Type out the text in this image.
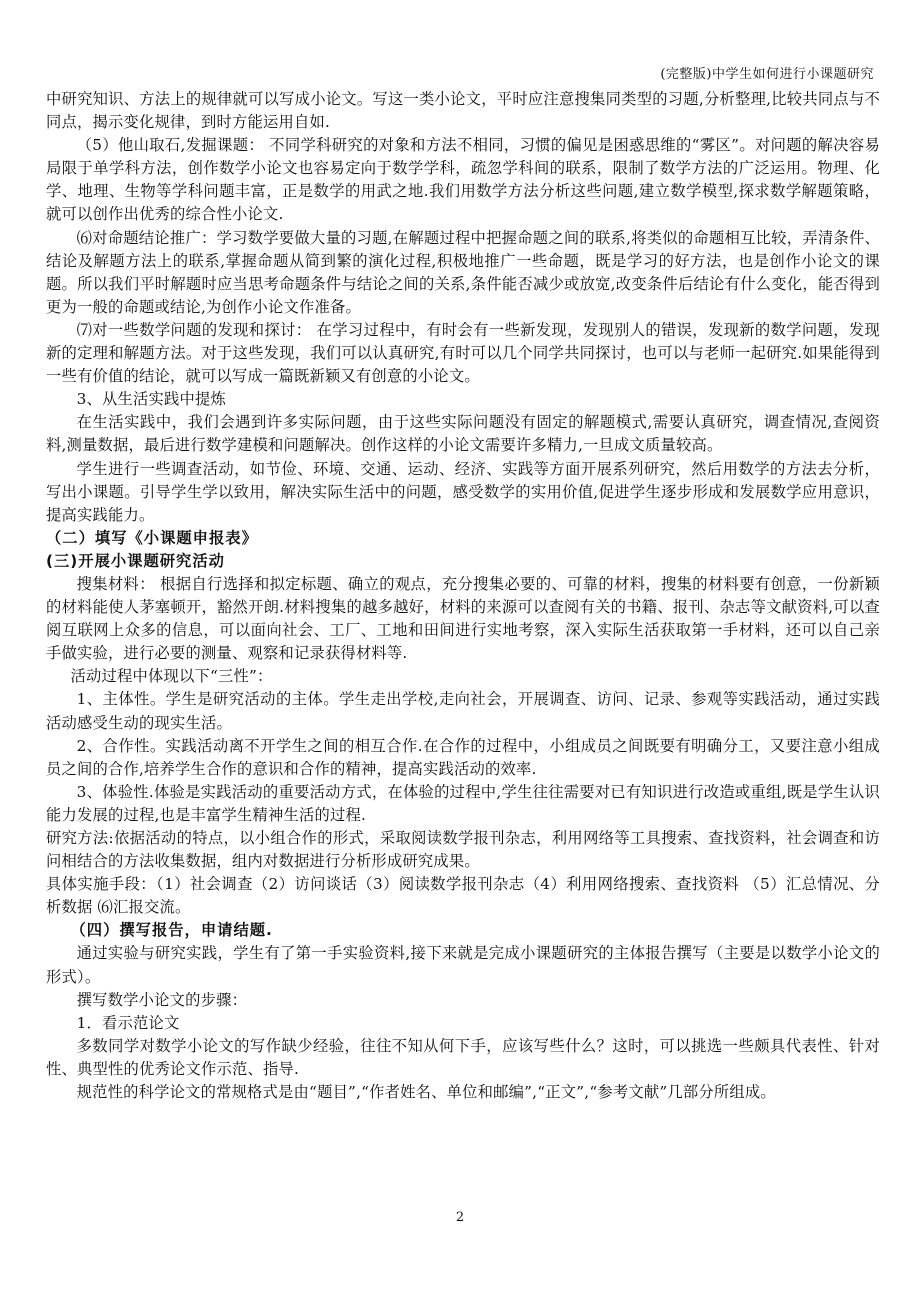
(完整版)中学生如何进行小课题研究

中研究知识、方法上的规律就可以写成小论文。写这一类小论文，平时应注意搜集同类型的习题,分析整理,比较共同点与不同点，揭示变化规律，到时方能运用自如.

（5）他山取石,发掘课题： 不同学科研究的对象和方法不相同，习惯的偏见是困惑思维的“雾区”。对问题的解决容易局限于单学科方法，创作数学小论文也容易定向于数学学科，疏忽学科间的联系，限制了数学方法的广泛运用。物理、化学、地理、生物等学科问题丰富，正是数学的用武之地.我们用数学方法分析这些问题,建立数学模型,探求数学解题策略，就可以创作出优秀的综合性小论文.

⑹对命题结论推广：学习数学要做大量的习题,在解题过程中把握命题之间的联系,将类似的命题相互比较，弄清条件、结论及解题方法上的联系,掌握命题从简到繁的演化过程,积极地推广一些命题，既是学习的好方法，也是创作小论文的课题。所以我们平时解题时应当思考命题条件与结论之间的关系,条件能否减少或放宽,改变条件后结论有什么变化，能否得到更为一般的命题或结论,为创作小论文作准备。

⑺对一些数学问题的发现和探讨： 在学习过程中，有时会有一些新发现，发现别人的错误，发现新的数学问题，发现新的定理和解题方法。对于这些发现，我们可以认真研究,有时可以几个同学共同探讨，也可以与老师一起研究.如果能得到一些有价值的结论，就可以写成一篇既新颖又有创意的小论文。

3、从生活实践中提炼

在生活实践中，我们会遇到许多实际问题，由于这些实际问题没有固定的解题模式,需要认真研究，调查情况,查阅资料,测量数据，最后进行数学建模和问题解决。创作这样的小论文需要许多精力,一旦成文质量较高。

学生进行一些调查活动，如节俭、环境、交通、运动、经济、实践等方面开展系列研究，然后用数学的方法去分析，写出小课题。引导学生学以致用，解决实际生活中的问题，感受数学的实用价值,促进学生逐步形成和发展数学应用意识，提高实践能力。

（二）填写《小课题申报表》

(三)开展小课题研究活动

搜集材料： 根据自行选择和拟定标题、确立的观点，充分搜集必要的、可靠的材料，搜集的材料要有创意，一份新颖的材料能使人茅塞顿开，豁然开朗.材料搜集的越多越好，材料的来源可以查阅有关的书籍、报刊、杂志等文献资料,可以查阅互联网上众多的信息，可以面向社会、工厂、工地和田间进行实地考察，深入实际生活获取第一手材料，还可以自己亲手做实验，进行必要的测量、观察和记录获得材料等.

活动过程中体现以下“三性”：

1、主体性。学生是研究活动的主体。学生走出学校,走向社会，开展调查、访问、记录、参观等实践活动，通过实践活动感受生动的现实生活。

2、合作性。实践活动离不开学生之间的相互合作.在合作的过程中，小组成员之间既要有明确分工，又要注意小组成员之间的合作,培养学生合作的意识和合作的精神，提高实践活动的效率.

3、体验性.体验是实践活动的重要活动方式，在体验的过程中,学生往往需要对已有知识进行改造或重组,既是学生认识能力发展的过程,也是丰富学生精神生活的过程.

研究方法:依据活动的特点，以小组合作的形式，采取阅读数学报刊杂志，利用网络等工具搜索、查找资料，社会调查和访问相结合的方法收集数据，组内对数据进行分析形成研究成果。

具体实施手段：（1）社会调查（2）访问谈话（3）阅读数学报刊杂志（4）利用网络搜索、查找资料 （5）汇总情况、分析数据 ⑹汇报交流。

（四）撰写报告，申请结题.

通过实验与研究实践，学生有了第一手实验资料,接下来就是完成小课题研究的主体报告撰写（主要是以数学小论文的形式）。

撰写数学小论文的步骤：

1．看示范论文

多数同学对数学小论文的写作缺少经验，往往不知从何下手，应该写些什么？这时，可以挑选一些颇具代表性、针对性、典型性的优秀论文作示范、指导.

规范性的科学论文的常规格式是由“题目”,“作者姓名、单位和邮编”,“正文”,“参考文献”几部分所组成。

2
